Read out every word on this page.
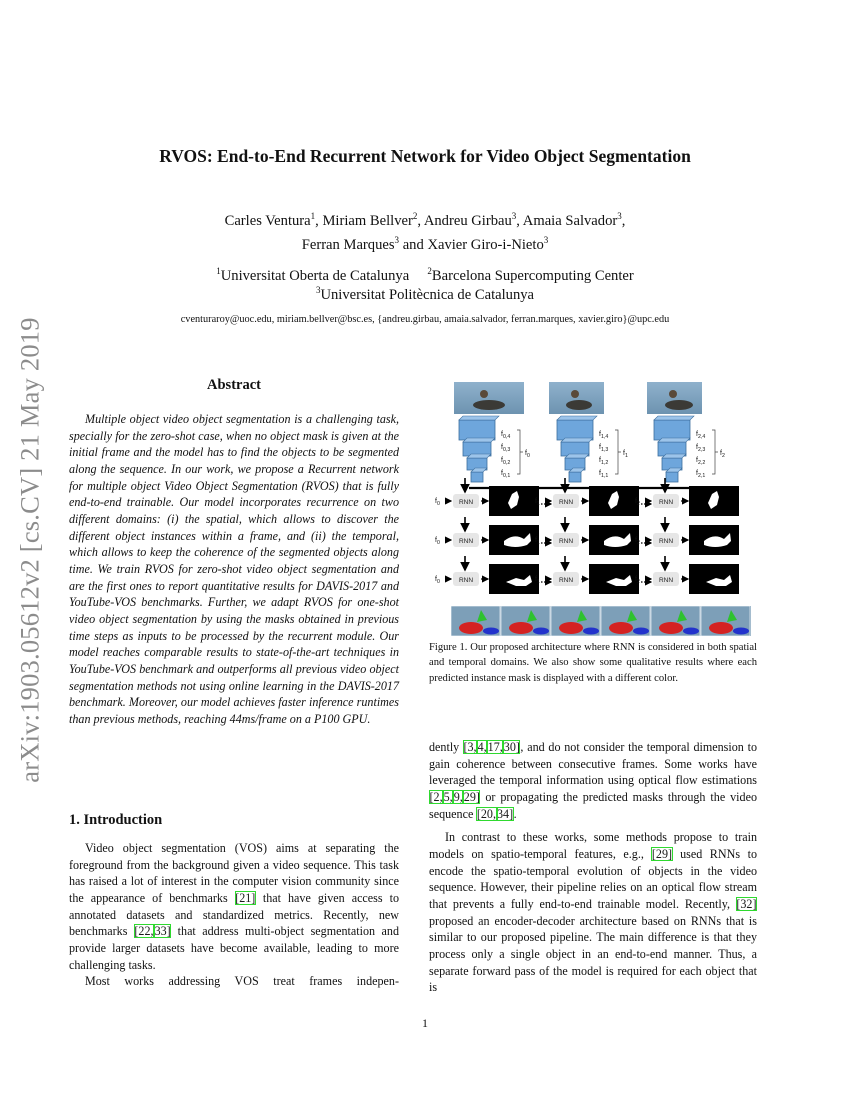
arXiv:1903.05612v2 [cs.CV] 21 May 2019
RVOS: End-to-End Recurrent Network for Video Object Segmentation
Carles Ventura$^1$, Miriam Bellver$^2$, Andreu Girbau$^3$, Amaia Salvador$^3$,
Ferran Marques$^3$ and Xavier Giro-i-Nieto$^3$
$^1$Universitat Oberta de Catalunya $^2$Barcelona Supercomputing Center
$^3$Universitat Politècnica de Catalunya
cventuraroy@uoc.edu, miriam.bellver@bsc.es, {andreu.girbau, amaia.salvador, ferran.marques, xavier.giro}@upc.edu
Abstract
Multiple object video object segmentation is a challenging task, specially for the zero-shot case, when no object mask is given at the initial frame and the model has to find the objects to be segmented along the sequence. In our work, we propose a Recurrent network for multiple object Video Object Segmentation (RVOS) that is fully end-to-end trainable. Our model incorporates recurrence on two different domains: (i) the spatial, which allows to discover the different object instances within a frame, and (ii) the temporal, which allows to keep the coherence of the segmented objects along time. We train RVOS for zero-shot video object segmentation and are the first ones to report quantitative results for DAVIS-2017 and YouTube-VOS benchmarks. Further, we adapt RVOS for one-shot video object segmentation by using the masks obtained in previous time steps as inputs to be processed by the recurrent module. Our model reaches comparable results to state-of-the-art techniques in YouTube-VOS benchmark and outperforms all previous video object segmentation methods not using online learning in the DAVIS-2017 benchmark. Moreover, our model achieves faster inference runtimes than previous methods, reaching 44ms/frame on a P100 GPU.
1. Introduction

Video object segmentation (VOS) aims at separating the foreground from the background given a video sequence. This task has raised a lot of interest in the computer vision community since the appearance of benchmarks [21] that have given access to annotated datasets and standardized metrics. Recently, new benchmarks [22,33] that address multi-object segmentation and provide larger datasets have become available, leading to more challenging tasks.

Most works addressing VOS treat frames indepen-

$f_{0,4}$
$f_{0,3}$
$f_{0,2}$
$f_{0,1}$
$f_0$
$f_{1,4}$
$f_{1,3}$
$f_{1,2}$
$f_{1,1}$
$f_1$
$f_{2,4}$
$f_{2,3}$
$f_{2,2}$
$f_{2,1}$
$f_2$
$f_0$	RNN	$f_1$	RNN	$f_2$	RNN
$f_0$	RNN	$f_1$	RNN	$f_2$	RNN
$f_0$	RNN	$f_1$	RNN	$f_2$	RNN
Figure 1. Our proposed architecture where RNN is considered in both spatial and temporal domains. We also show some qualitative results where each predicted instance mask is displayed with a different color.

dently [3,4,17,30], and do not consider the temporal dimension to gain coherence between consecutive frames. Some works have leveraged the temporal information using optical flow estimations [2,5,9,29] or propagating the predicted masks through the video sequence [20,34].

In contrast to these works, some methods propose to train models on spatio-temporal features, e.g., [29] used RNNs to encode the spatio-temporal evolution of objects in the video sequence. However, their pipeline relies on an optical flow stream that prevents a fully end-to-end trainable model. Recently, [32] proposed an encoder-decoder architecture based on RNNs that is similar to our proposed pipeline. The main difference is that they process only a single object in an end-to-end manner. Thus, a separate forward pass of the model is required for each object that is

1
